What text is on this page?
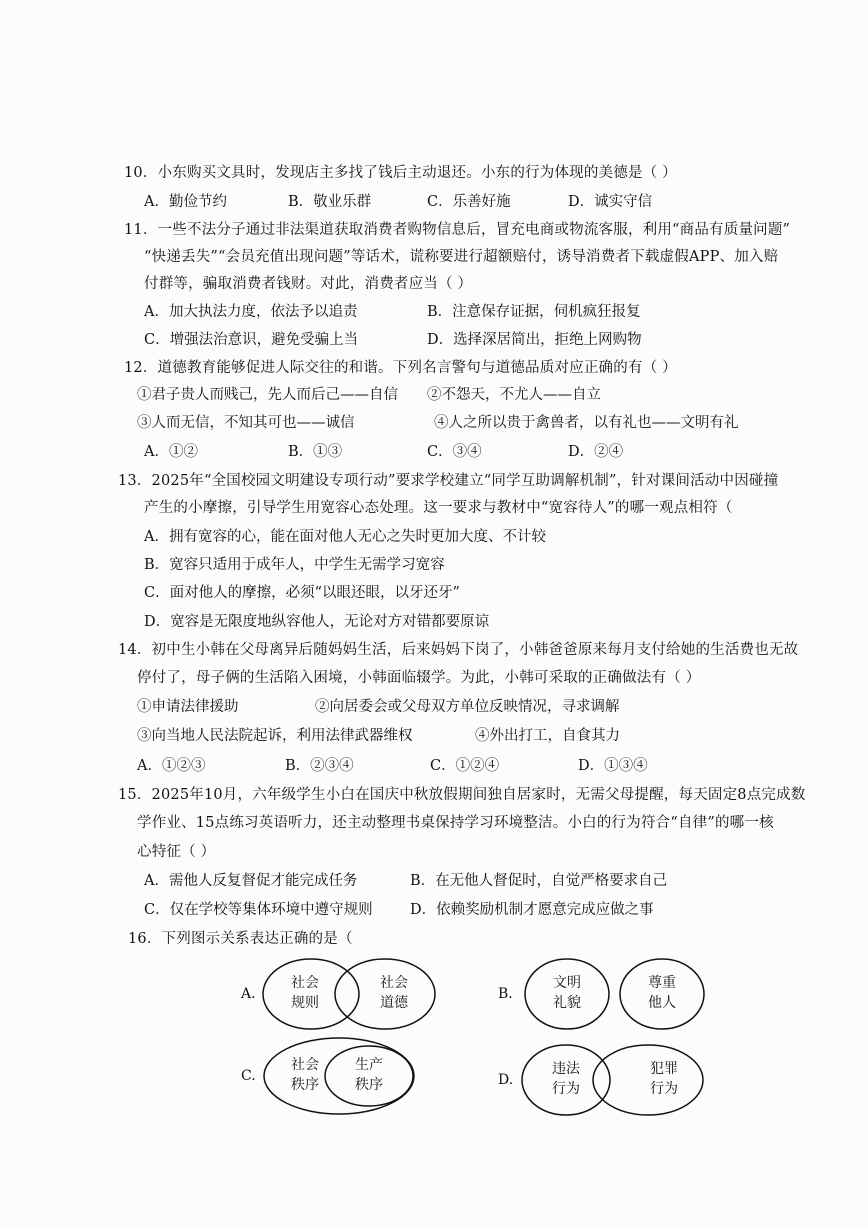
10．小东购买文具时，发现店主多找了钱后主动退还。小东的行为体现的美德是（ ）
A．勤俭节约	B．敬业乐群	C．乐善好施	D．诚实守信
11．一些不法分子通过非法渠道获取消费者购物信息后，冒充电商或物流客服，利用“商品有质量问题”
“快递丢失”“会员充值出现问题”等话术，谎称要进行超额赔付，诱导消费者下载虚假APP、加入赔
付群等，骗取消费者钱财。对此，消费者应当（ ）
A．加大执法力度，依法予以追责	B．注意保存证据，伺机疯狂报复
C．增强法治意识，避免受骗上当	D．选择深居简出，拒绝上网购物
12．道德教育能够促进人际交往的和谐。下列名言警句与道德品质对应正确的有（ ）
①君子贵人而贱己，先人而后己——自信 ②不怨天，不尤人——自立
③人而无信，不知其可也——诚信	④人之所以贵于禽兽者，以有礼也——文明有礼
A．①②	B．①③	C．③④	D．②④
13．2025年“全国校园文明建设专项行动”要求学校建立“同学互助调解机制”，针对课间活动中因碰撞
产生的小摩擦，引导学生用宽容心态处理。这一要求与教材中“宽容待人”的哪一观点相符（
A．拥有宽容的心，能在面对他人无心之失时更加大度、不计较
B．宽容只适用于成年人，中学生无需学习宽容
C．面对他人的摩擦，必须“以眼还眼，以牙还牙”
D．宽容是无限度地纵容他人，无论对方对错都要原谅
14．初中生小韩在父母离异后随妈妈生活，后来妈妈下岗了，小韩爸爸原来每月支付给她的生活费也无故
停付了，母子俩的生活陷入困境，小韩面临辍学。为此，小韩可采取的正确做法有（ ）
①申请法律援助	②向居委会或父母双方单位反映情况，寻求调解
③向当地人民法院起诉，利用法律武器维权	④外出打工，自食其力
A．①②③	B．②③④	C．①②④	D．①③④
15．2025年10月，六年级学生小白在国庆中秋放假期间独自居家时，无需父母提醒，每天固定8点完成数
学作业、15点练习英语听力，还主动整理书桌保持学习环境整洁。小白的行为符合“自律”的哪一核
心特征（ ）
A．需他人反复督促才能完成任务	B．在无他人督促时，自觉严格要求自己
C．仅在学校等集体环境中遵守规则	D．依赖奖励机制才愿意完成应做之事
16．下列图示关系表达正确的是（
A.
社会
规则
社会
道德
B.
文明
礼貌
尊重
他人
C.
社会
秩序
生产
秩序	D.
违法
行为
犯罪
行为
